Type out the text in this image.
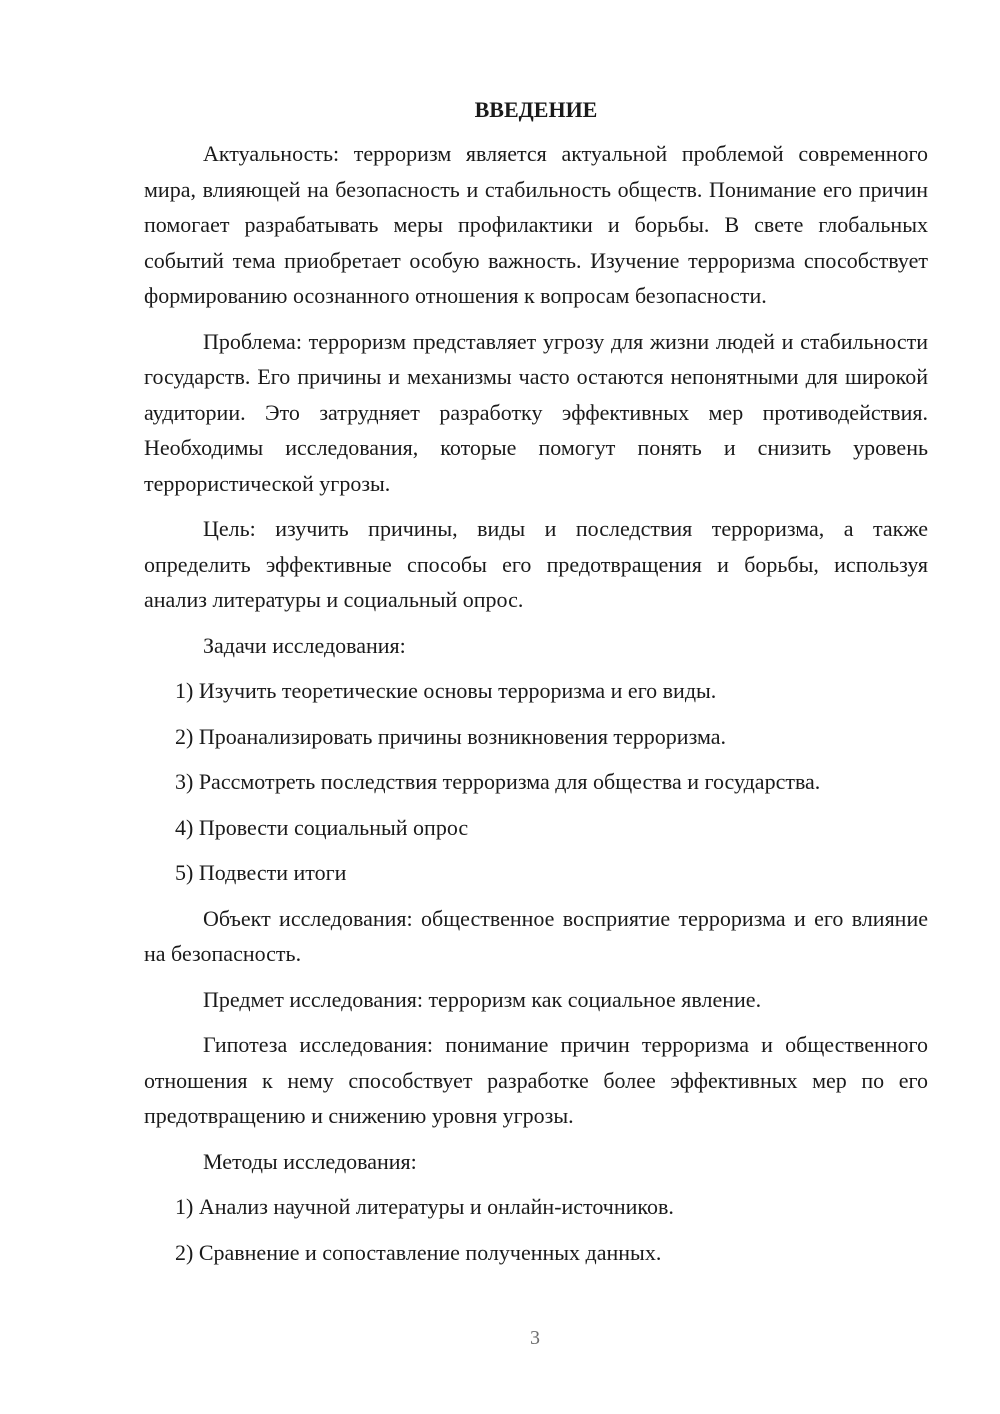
ВВЕДЕНИЕ

Актуальность: терроризм является актуальной проблемой современного мира, влияющей на безопасность и стабильность обществ. Понимание его причин помогает разрабатывать меры профилактики и борьбы. В свете глобальных событий тема приобретает особую важность. Изучение терроризма способствует формированию осознанного отношения к вопросам безопасности.

Проблема: терроризм представляет угрозу для жизни людей и стабильности государств. Его причины и механизмы часто остаются непонятными для широкой аудитории. Это затрудняет разработку эффективных мер противодействия. Необходимы исследования, которые помогут понять и снизить уровень террористической угрозы.

Цель: изучить причины, виды и последствия терроризма, а также определить эффективные способы его предотвращения и борьбы, используя анализ литературы и социальный опрос.

Задачи исследования:

1) Изучить теоретические основы терроризма и его виды.

2) Проанализировать причины возникновения терроризма.

3) Рассмотреть последствия терроризма для общества и государства.

4) Провести социальный опрос

5) Подвести итоги

Объект исследования: общественное восприятие терроризма и его влияние на безопасность.

Предмет исследования: терроризм как социальное явление.

Гипотеза исследования: понимание причин терроризма и общественного отношения к нему способствует разработке более эффективных мер по его предотвращению и снижению уровня угрозы.

Методы исследования:

1) Анализ научной литературы и онлайн-источников.

2) Сравнение и сопоставление полученных данных.

3
